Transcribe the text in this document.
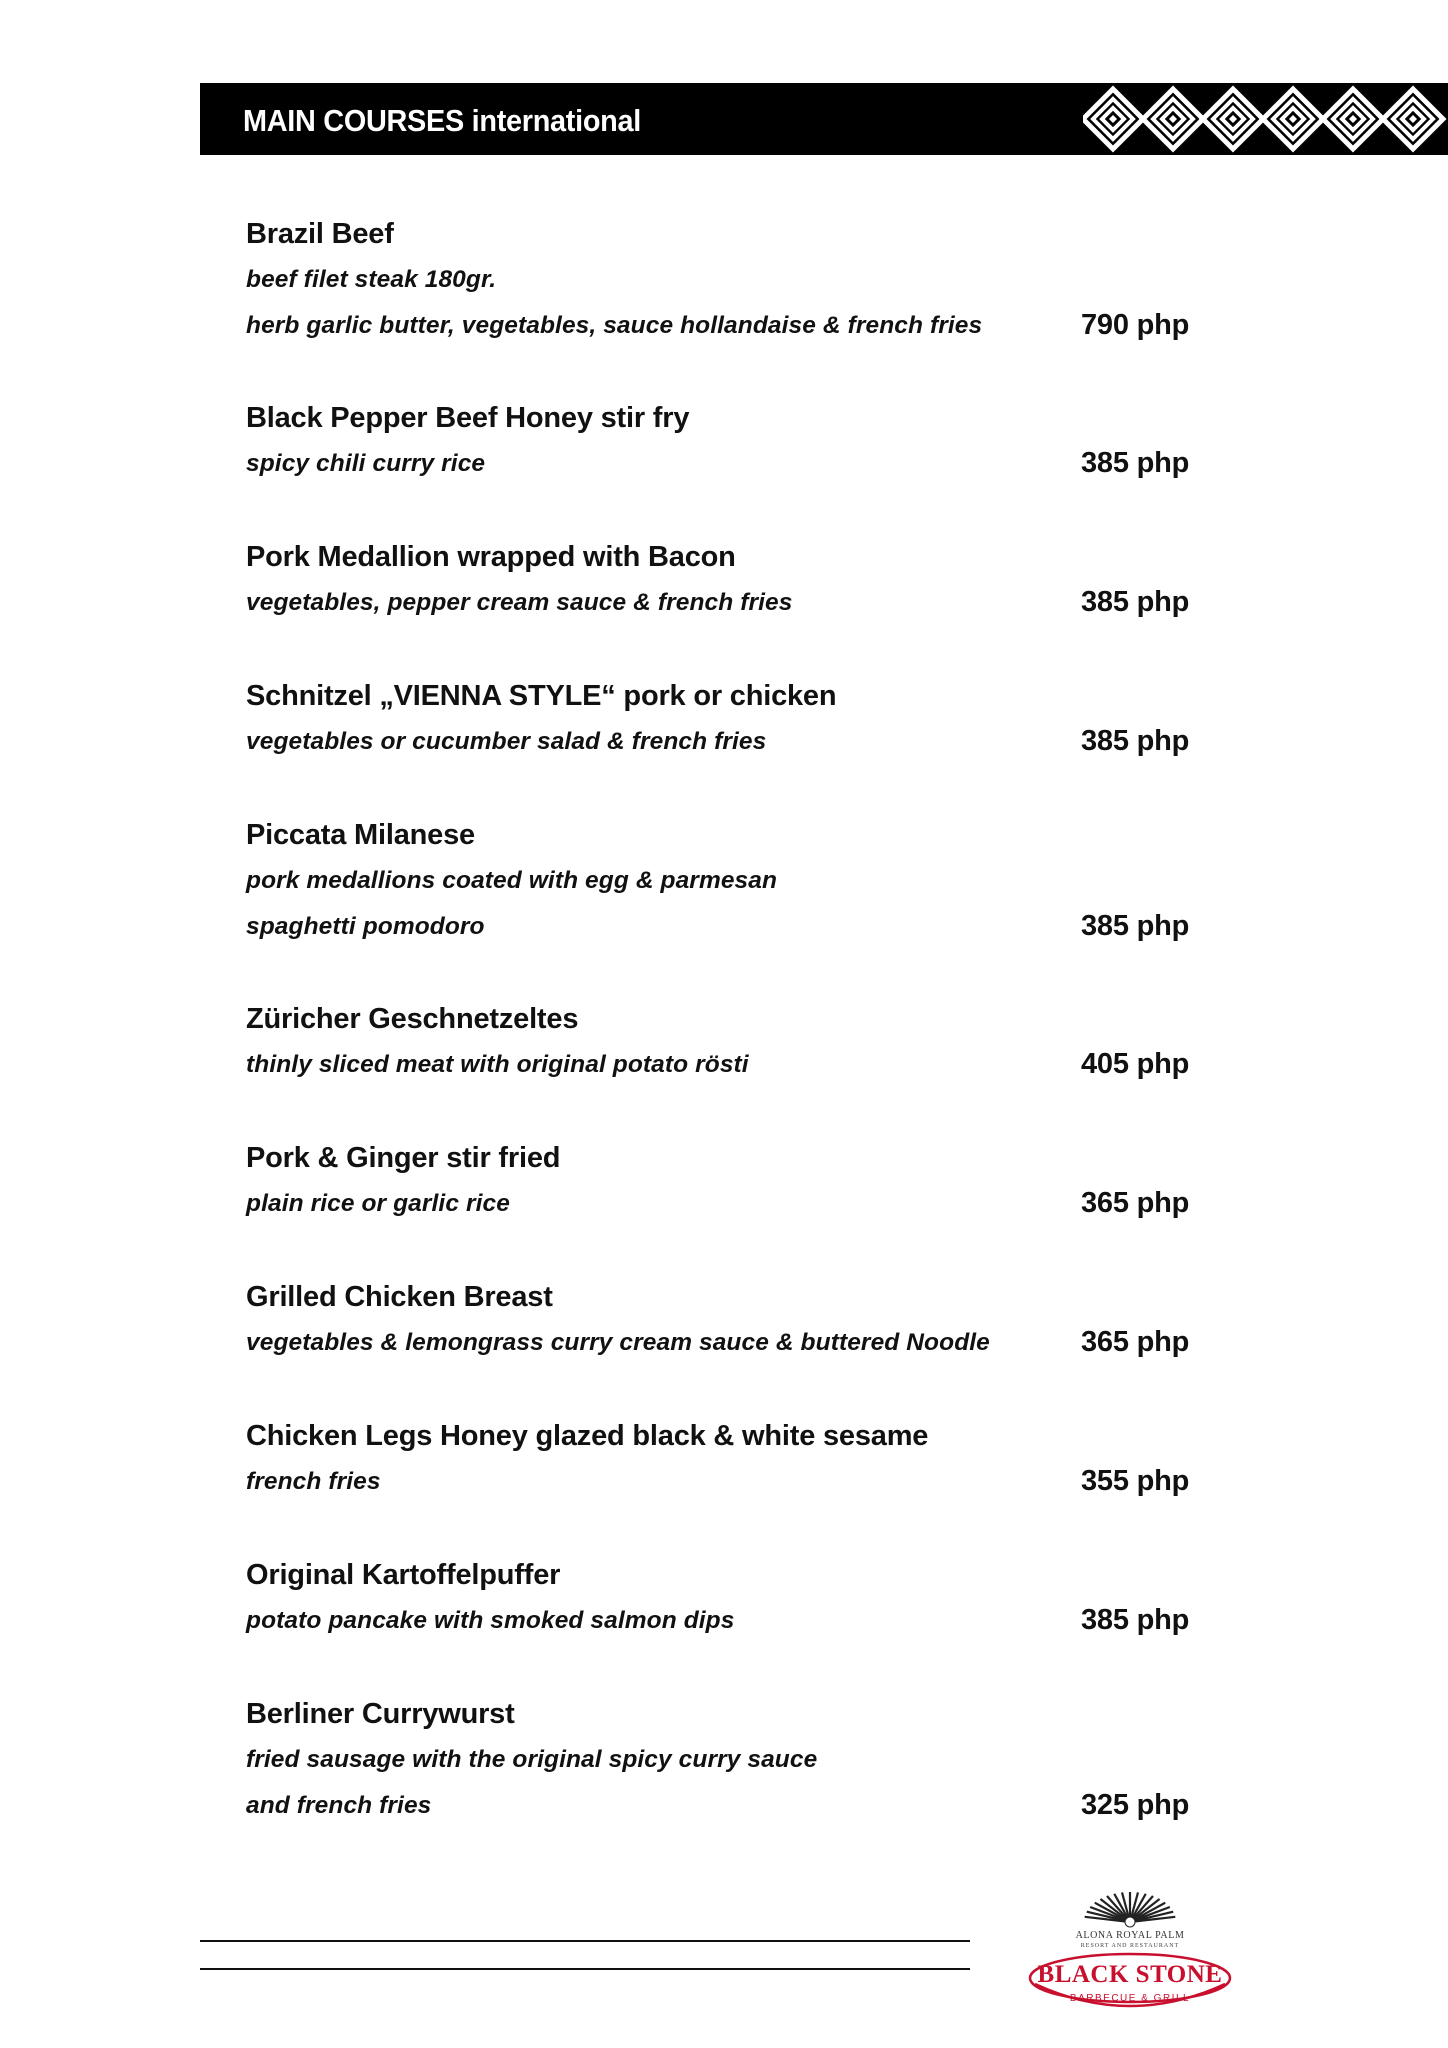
MAIN COURSES international
Brazil Beef
beef filet steak 180gr.
herb garlic butter, vegetables, sauce hollandaise & french fries	790 php
Black Pepper Beef Honey stir fry
spicy chili curry rice	385 php
Pork Medallion wrapped with Bacon
vegetables, pepper cream sauce & french fries	385 php
Schnitzel „VIENNA STYLE“ pork or chicken
vegetables or cucumber salad & french fries	385 php
Piccata Milanese
pork medallions coated with egg & parmesan
spaghetti pomodoro	385 php
Züricher Geschnetzeltes
thinly sliced meat with original potato rösti	405 php
Pork & Ginger stir fried
plain rice or garlic rice	365 php
Grilled Chicken Breast
vegetables & lemongrass curry cream sauce & buttered Noodle	365 php
Chicken Legs Honey glazed black & white sesame
french fries	355 php
Original Kartoffelpuffer
potato pancake with smoked salmon dips	385 php
Berliner Currywurst
fried sausage with the original spicy curry sauce
and french fries	325 php
ALONA ROYAL PALM
RESORT AND RESTAURANT
BLACK STONE
BARBECUE & GRILL
